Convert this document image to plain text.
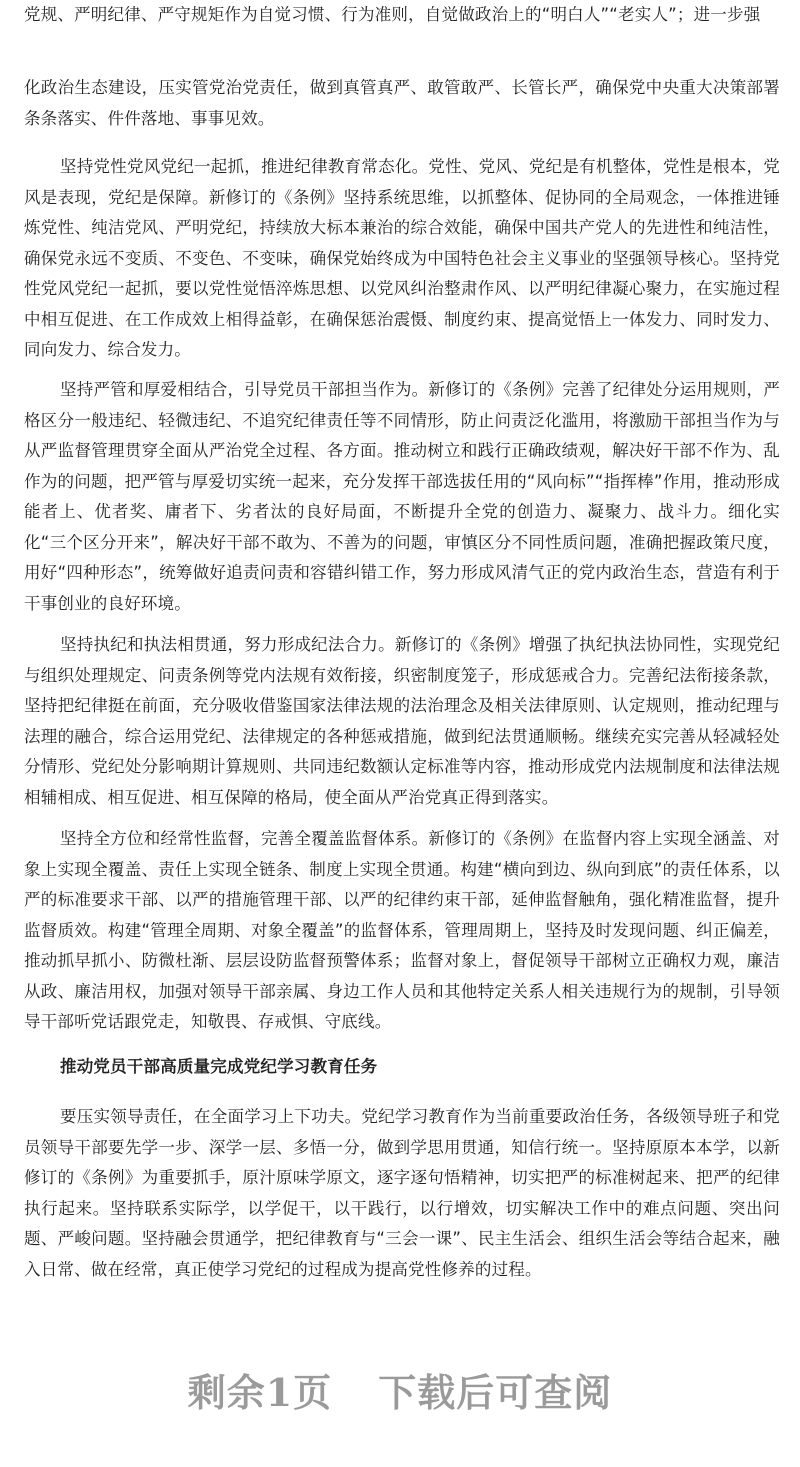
党规、严明纪律、严守规矩作为自觉习惯、行为准则，自觉做政治上的“明白人”“老实人”；进一步强
化政治生态建设，压实管党治党责任，做到真管真严、敢管敢严、长管长严，确保党中央重大决策部署条条落实、件件落地、事事见效。
坚持党性党风党纪一起抓，推进纪律教育常态化。党性、党风、党纪是有机整体，党性是根本，党风是表现，党纪是保障。新修订的《条例》坚持系统思维，以抓整体、促协同的全局观念，一体推进锤炼党性、纯洁党风、严明党纪，持续放大标本兼治的综合效能，确保中国共产党人的先进性和纯洁性，确保党永远不变质、不变色、不变味，确保党始终成为中国特色社会主义事业的坚强领导核心。坚持党性党风党纪一起抓，要以党性觉悟淬炼思想、以党风纠治整肃作风、以严明纪律凝心聚力，在实施过程中相互促进、在工作成效上相得益彰，在确保惩治震慑、制度约束、提高觉悟上一体发力、同时发力、同向发力、综合发力。
坚持严管和厚爱相结合，引导党员干部担当作为。新修订的《条例》完善了纪律处分运用规则，严格区分一般违纪、轻微违纪、不追究纪律责任等不同情形，防止问责泛化滥用，将激励干部担当作为与从严监督管理贯穿全面从严治党全过程、各方面。推动树立和践行正确政绩观，解决好干部不作为、乱作为的问题，把严管与厚爱切实统一起来，充分发挥干部选拔任用的“风向标”“指挥棒”作用，推动形成能者上、优者奖、庸者下、劣者汰的良好局面，不断提升全党的创造力、凝聚力、战斗力。细化实化“三个区分开来”，解决好干部不敢为、不善为的问题，审慎区分不同性质问题，准确把握政策尺度，用好“四种形态”，统筹做好追责问责和容错纠错工作，努力形成风清气正的党内政治生态，营造有利于干事创业的良好环境。
坚持执纪和执法相贯通，努力形成纪法合力。新修订的《条例》增强了执纪执法协同性，实现党纪与组织处理规定、问责条例等党内法规有效衔接，织密制度笼子，形成惩戒合力。完善纪法衔接条款，坚持把纪律挺在前面，充分吸收借鉴国家法律法规的法治理念及相关法律原则、认定规则，推动纪理与法理的融合，综合运用党纪、法律规定的各种惩戒措施，做到纪法贯通顺畅。继续充实完善从轻减轻处分情形、党纪处分影响期计算规则、共同违纪数额认定标准等内容，推动形成党内法规制度和法律法规相辅相成、相互促进、相互保障的格局，使全面从严治党真正得到落实。
坚持全方位和经常性监督，完善全覆盖监督体系。新修订的《条例》在监督内容上实现全涵盖、对象上实现全覆盖、责任上实现全链条、制度上实现全贯通。构建“横向到边、纵向到底”的责任体系，以严的标准要求干部、以严的措施管理干部、以严的纪律约束干部，延伸监督触角，强化精准监督，提升监督质效。构建“管理全周期、对象全覆盖”的监督体系，管理周期上，坚持及时发现问题、纠正偏差，推动抓早抓小、防微杜渐、层层设防监督预警体系；监督对象上，督促领导干部树立正确权力观，廉洁从政、廉洁用权，加强对领导干部亲属、身边工作人员和其他特定关系人相关违规行为的规制，引导领导干部听党话跟党走，知敬畏、存戒惧、守底线。
推动党员干部高质量完成党纪学习教育任务
要压实领导责任，在全面学习上下功夫。党纪学习教育作为当前重要政治任务，各级领导班子和党员领导干部要先学一步、深学一层、多悟一分，做到学思用贯通，知信行统一。坚持原原本本学，以新修订的《条例》为重要抓手，原汁原味学原文，逐字逐句悟精神，切实把严的标准树起来、把严的纪律执行起来。坚持联系实际学，以学促干，以干践行，以行增效，切实解决工作中的难点问题、突出问题、严峻问题。坚持融会贯通学，把纪律教育与“三会一课”、民主生活会、组织生活会等结合起来，融入日常、做在经常，真正使学习党纪的过程成为提高党性修养的过程。
剩余1页 下载后可查阅
